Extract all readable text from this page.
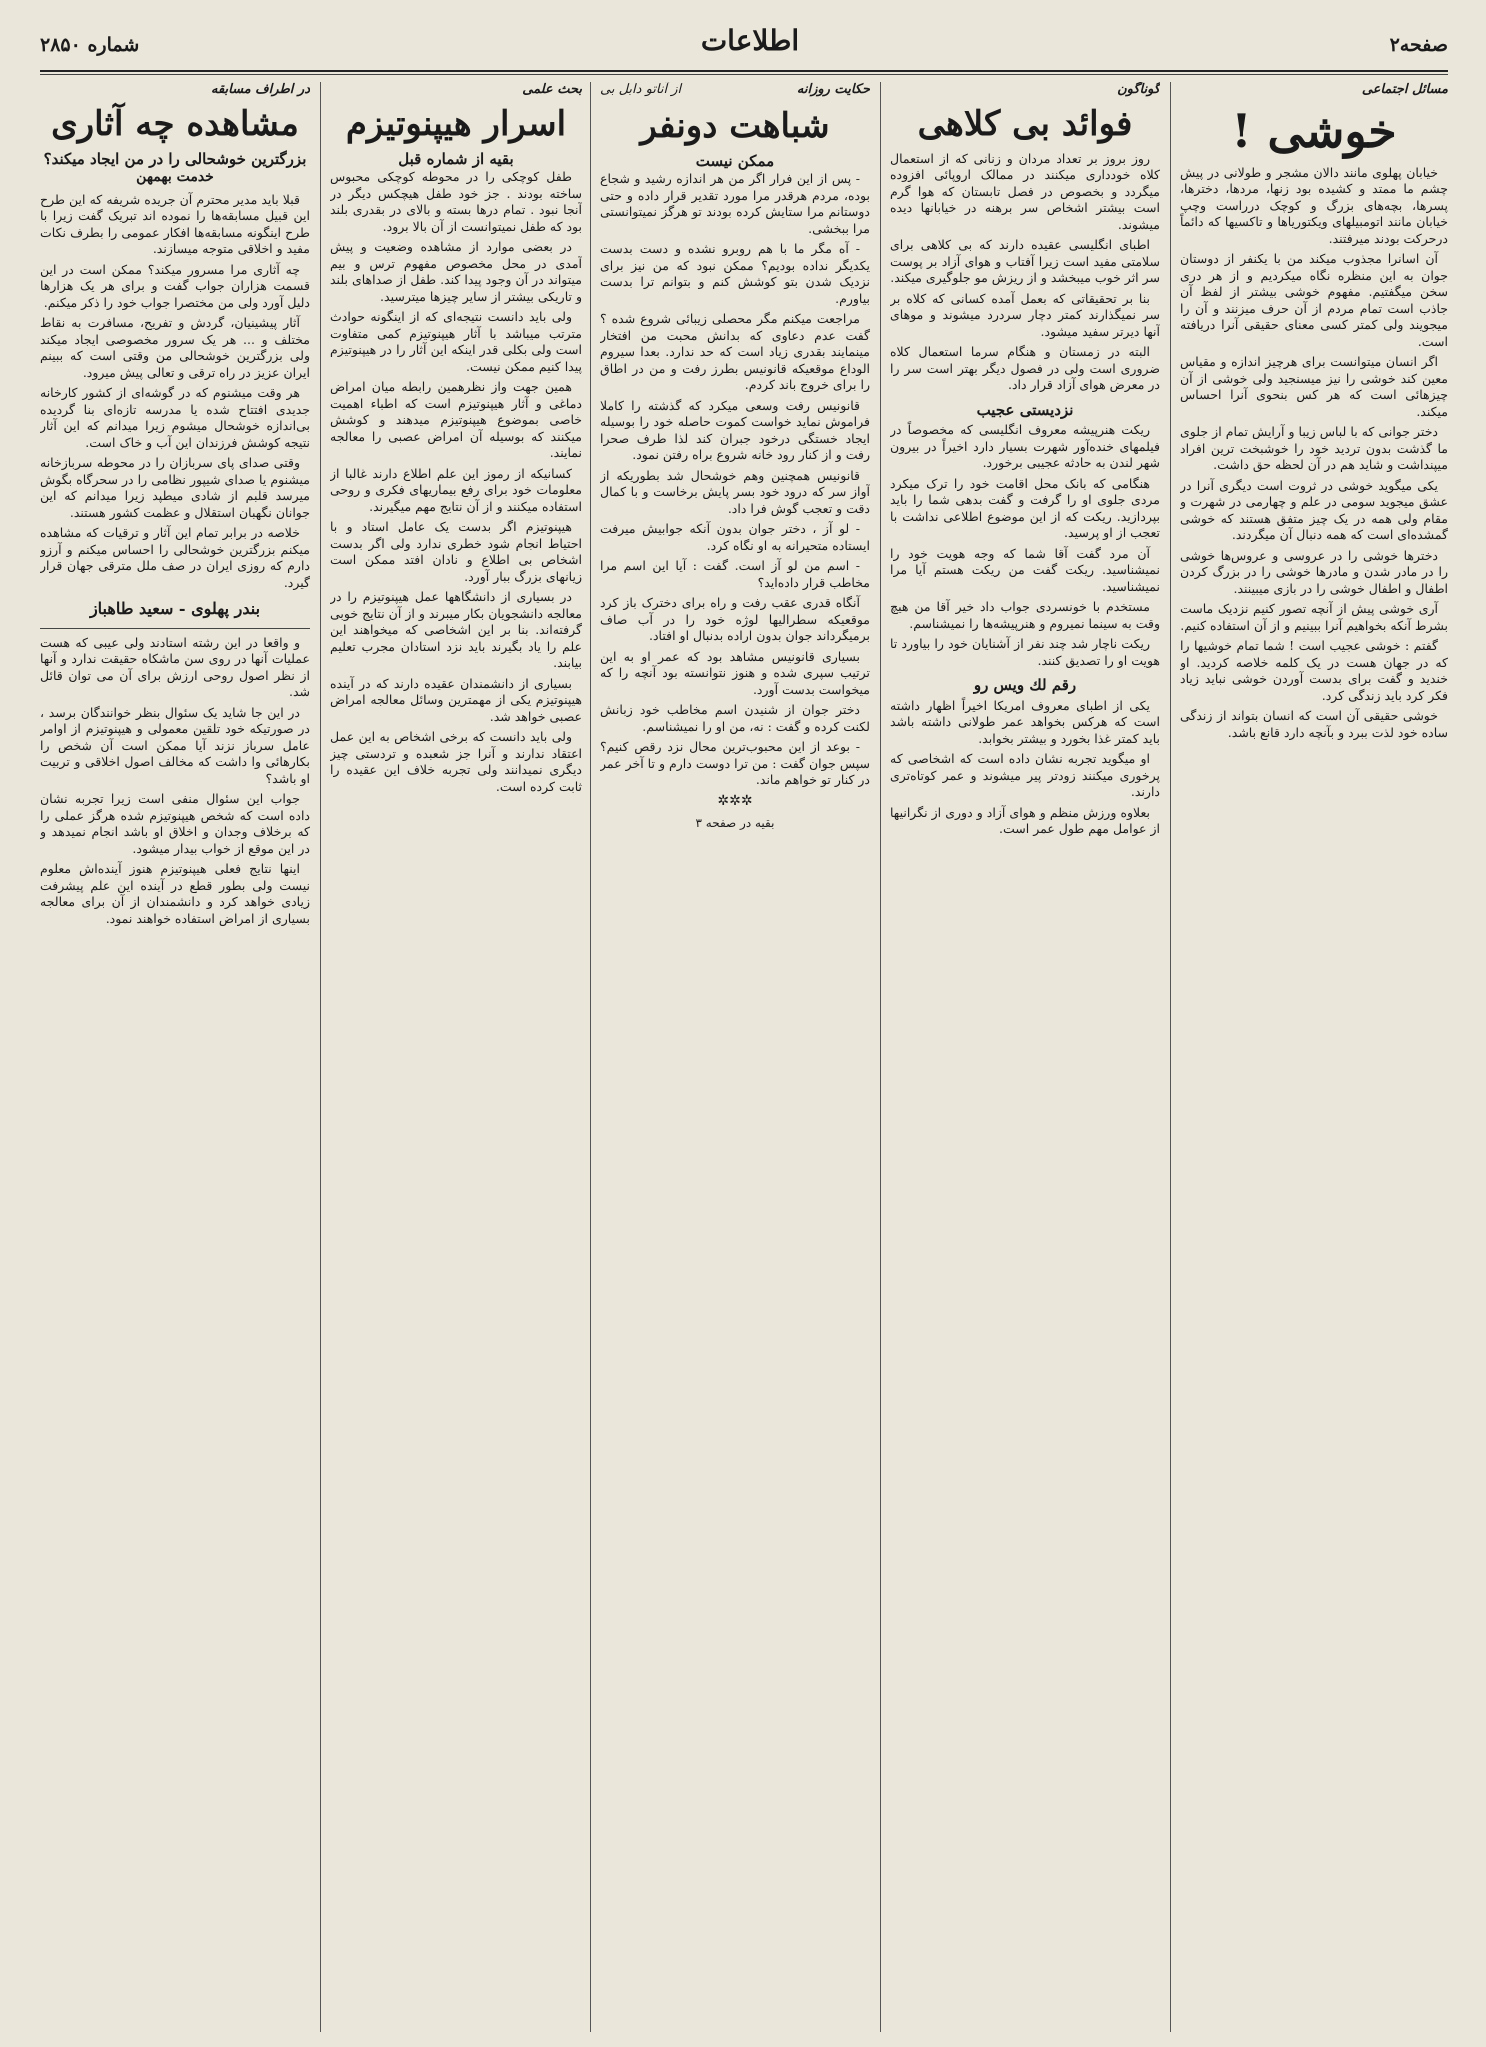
صفحه۲
اطلاعات
شماره ۲۸۵۰
مسائل اجتماعی
خوشی !

خیابان پهلوی مانند دالان مشجر و طولانی در پیش چشم ما ممتد و کشیده بود زنها، مردها، دخترها، پسرها، بچه‌های بزرگ و کوچک درراست وچپ خیابان مانند اتومبیلهای ویکتوریاها و تاکسیها که دائماً درحرکت بودند میرفتند.

آن اسانرا مجذوب میکند من با یکنفر از دوستان جوان به این منظره نگاه میکردیم و از هر دری سخن میگفتیم. مفهوم خوشی بیشتر از لفظ آن جاذب است تمام مردم از آن حرف میزنند و آن را میجویند ولی کمتر کسی معنای حقیقی آنرا دریافته است.

اگر انسان میتوانست برای هرچیز اندازه و مقیاس معین کند خوشی را نیز میسنجید ولی خوشی از آن چیزهائی است که هر کس بنحوی آنرا احساس میکند.

دختر جوانی که با لباس زیبا و آرایش تمام از جلوی ما گذشت بدون تردید خود را خوشبخت ترین افراد میپنداشت و شاید هم در آن لحظه حق داشت.

یکی میگوید خوشی در ثروت است دیگری آنرا در عشق میجوید سومی در علم و چهارمی در شهرت و مقام ولی همه در یک چیز متفق هستند که خوشی گمشده‌ای است که همه دنبال آن میگردند.

دخترها خوشی را در عروسی و عروس‌ها خوشی را در مادر شدن و مادرها خوشی را در بزرگ کردن اطفال و اطفال خوشی را در بازی میبینند.

آری خوشی پیش از آنچه تصور کنیم نزدیک ماست بشرط آنکه بخواهیم آنرا ببینیم و از آن استفاده کنیم.

گفتم : خوشی عجیب است ! شما تمام خوشیها را که در جهان هست در یک کلمه خلاصه کردید. او خندید و گفت برای بدست آوردن خوشی نباید زیاد فکر کرد باید زندگی کرد.

خوشی حقیقی آن است که انسان بتواند از زندگی ساده خود لذت ببرد و بآنچه دارد قانع باشد.

گوناگون
فوائد بی کلاهی

روز بروز بر تعداد مردان و زنانی که از استعمال کلاه خودداری میکنند در ممالک اروپائی افزوده میگردد و بخصوص در فصل تابستان که هوا گرم است بیشتر اشخاص سر برهنه در خیابانها دیده میشوند.

اطبای انگلیسی عقیده دارند که بی کلاهی برای سلامتی مفید است زیرا آفتاب و هوای آزاد بر پوست سر اثر خوب میبخشد و از ریزش مو جلوگیری میکند.

بنا بر تحقیقاتی که بعمل آمده کسانی که کلاه بر سر نمیگذارند کمتر دچار سردرد میشوند و موهای آنها دیرتر سفید میشود.

البته در زمستان و هنگام سرما استعمال کلاه ضروری است ولی در فصول دیگر بهتر است سر را در معرض هوای آزاد قرار داد.

نزدیستی عجیب

ریکت هنرپیشه معروف انگلیسی که مخصوصاً در فیلمهای خنده‌آور شهرت بسیار دارد اخیراً در بیرون شهر لندن به حادثه عجیبی برخورد.

هنگامی که بانک محل اقامت خود را ترک میکرد مردی جلوی او را گرفت و گفت بدهی شما را باید بپردازید. ریکت که از این موضوع اطلاعی نداشت با تعجب از او پرسید.

آن مرد گفت آقا شما که وجه هویت خود را نمیشناسید. ریکت گفت من ریکت هستم آیا مرا نمیشناسید.

مستخدم با خونسردی جواب داد خیر آقا من هیچ وقت به سینما نمیروم و هنرپیشه‌ها را نمیشناسم.

ریکت ناچار شد چند نفر از آشنایان خود را بیاورد تا هویت او را تصدیق کنند.

رقم لك ویس رو

یکی از اطبای معروف امریکا اخیراً اظهار داشته است که هرکس بخواهد عمر طولانی داشته باشد باید کمتر غذا بخورد و بیشتر بخوابد.

او میگوید تجربه نشان داده است که اشخاصی که پرخوری میکنند زودتر پیر میشوند و عمر کوتاه‌تری دارند.

بعلاوه ورزش منظم و هوای آزاد و دوری از نگرانیها از عوامل مهم طول عمر است.

حکایت روزانه
از آناتو دابل بی
شباهت دونفر
ممکن نیست

- پس از این فرار اگر من هر اندازه رشید و شجاع بوده، مردم هرقدر مرا مورد تقدیر قرار داده و حتی دوستانم مرا ستایش کرده بودند تو هرگز نمیتوانستی مرا ببخشی.

- آه مگر ما با هم روبرو نشده و دست بدست یکدیگر نداده بودیم؟ ممکن نبود که من نیز برای نزدیک شدن بتو کوشش کنم و بتوانم ترا بدست بیاورم.

مراجعت میکنم مگر محصلی زیبائی شروع شده ؟ گفت عدم دعاوی که بدانش محبت من افتخار مینمایند بقدری زیاد است که حد ندارد. بعدا سیروم الوداع موقعیکه قانونیس بطرز رفت و من در اطاق را برای خروج باند کردم.

قانونیس رفت وسعی میکرد که گذشته را کاملا فراموش نماید خواست کموت حاصله خود را بوسیله ایجاد خستگی درخود جبران کند لذا طرف صحرا رفت و از کنار رود خانه شروع براه رفتن نمود.

قانونیس همچنین وهم خوشحال شد بطوریکه از آواز سر که درود خود بسر پایش برخاست و با کمال دقت و تعجب گوش فرا داد.

- لو آز ، دختر جوان بدون آنکه جوابیش میرفت ایستاده متحیرانه به او نگاه کرد.

- اسم من لو آز است. گفت : آیا این اسم مرا مخاطب قرار داده‌اید؟

آنگاه قدری عقب رفت و راه برای دخترک باز کرد موقعیکه سطرالیها لوژه خود را در آب صاف برمیگرداند جوان بدون اراده بدنبال او افتاد.

بسیاری قانونیس مشاهد بود که عمر او به این ترتیب سپری شده و هنوز نتوانسته بود آنچه را که میخواست بدست آورد.

دختر جوان از شنیدن اسم مخاطب خود زبانش لکنت کرده و گفت : نه، من او را نمیشناسم.

- بوعد از این محبوب‌ترین محال نزد رقص کنیم؟ سپس جوان گفت : من ترا دوست دارم و تا آخر عمر در کنار تو خواهم ماند.

✲✲✲
بقیه در صفحه ۳
بحث علمی
اسرار هیپنوتیزم
بقیه از شماره قبل

طفل کوچکی را در محوطه کوچکی محبوس ساخته بودند . جز خود طفل هیچکس دیگر در آنجا نبود . تمام درها بسته و بالای در بقدری بلند بود که طفل نمیتوانست از آن بالا برود.

در بعضی موارد از مشاهده وضعیت و پیش آمدی در محل مخصوص مفهوم ترس و بیم میتواند در آن وجود پیدا کند. طفل از صداهای بلند و تاریکی بیشتر از سایر چیزها میترسید.

ولی باید دانست نتیجه‌ای که از اینگونه حوادث مترتب میباشد با آثار هیپنوتیزم کمی متفاوت است ولی بکلی قدر اینکه این آثار را در هیپنوتیزم پیدا کنیم ممکن نیست.

همین جهت واز نظرهمین رابطه میان امراض دماغی و آثار هیپنوتیزم است که اطباء اهمیت خاصی بموضوع هیپنوتیزم میدهند و کوشش میکنند که بوسیله آن امراض عصبی را معالجه نمایند.

کسانیکه از رموز این علم اطلاع دارند غالبا از معلومات خود برای رفع بیماریهای فکری و روحی استفاده میکنند و از آن نتایج مهم میگیرند.

هیپنوتیزم اگر بدست یک عامل استاد و با احتیاط انجام شود خطری ندارد ولی اگر بدست اشخاص بی اطلاع و نادان افتد ممکن است زیانهای بزرگ ببار آورد.

در بسیاری از دانشگاهها عمل هیپنوتیزم را در معالجه دانشجویان بکار میبرند و از آن نتایج خوبی گرفته‌اند. بنا بر این اشخاصی که میخواهند این علم را یاد بگیرند باید نزد استادان مجرب تعلیم بیابند.

بسیاری از دانشمندان عقیده دارند که در آینده هیپنوتیزم یکی از مهمترین وسائل معالجه امراض عصبی خواهد شد.

ولی باید دانست که برخی اشخاص به این عمل اعتقاد ندارند و آنرا جز شعبده و تردستی چیز دیگری نمیدانند ولی تجربه خلاف این عقیده را ثابت کرده است.

در اطراف مسابقه
مشاهده چه آثاری
بزرگترین خوشحالی را در من ایجاد میکند؟
خدمت بهمهن

قبلا باید مدیر محترم آن جریده شریفه که این طرح این قبیل مسابقه‌ها را نموده اند تبریک گفت زیرا با طرح اینگونه مسابقه‌ها افکار عمومی را بطرف نکات مفید و اخلاقی متوجه میسازند.

چه آثاری مرا مسرور میکند؟ ممکن است در این قسمت هزاران جواب گفت و برای هر یک هزارها دلیل آورد ولی من مختصرا جواب خود را ذکر میکنم.

آثار پیشینیان، گردش و تفریح، مسافرت به نقاط مختلف و ... هر یک سرور مخصوصی ایجاد میکند ولی بزرگترین خوشحالی من وقتی است که ببینم ایران عزیز در راه ترقی و تعالی پیش میرود.

هر وقت میشنوم که در گوشه‌ای از کشور کارخانه جدیدی افتتاح شده یا مدرسه تازه‌ای بنا گردیده بی‌اندازه خوشحال میشوم زیرا میدانم که این آثار نتیجه کوشش فرزندان این آب و خاک است.

وقتی صدای پای سربازان را در محوطه سربازخانه میشنوم یا صدای شیپور نظامی را در سحرگاه بگوش میرسد قلبم از شادی میطپد زیرا میدانم که این جوانان نگهبان استقلال و عظمت کشور هستند.

خلاصه در برابر تمام این آثار و ترقیات که مشاهده میکنم بزرگترین خوشحالی را احساس میکنم و آرزو دارم که روزی ایران در صف ملل مترقی جهان قرار گیرد.

بندر پهلوی - سعید طاهباز

و واقعا در این رشته استادند ولی عیبی که هست عملیات آنها در روی سن ماشکاه حقیقت ندارد و آنها از نظر اصول روحی ارزش برای آن می توان قائل شد.

در این جا شاید یک سئوال بنظر خوانندگان برسد ، در صورتیکه خود تلقین معمولی و هیپنوتیزم از اوامر عامل سرباز نزند آیا ممکن است آن شخص را بکارهائی وا داشت که مخالف اصول اخلاقی و تربیت او باشد؟

جواب این سئوال منفی است زیرا تجربه نشان داده است که شخص هیپنوتیزم شده هرگز عملی را که برخلاف وجدان و اخلاق او باشد انجام نمیدهد و در این موقع از خواب بیدار میشود.

اینها نتایج فعلی هیپنوتیزم هنوز آینده‌اش معلوم نیست ولی بطور قطع در آینده این علم پیشرفت زیادی خواهد کرد و دانشمندان از آن برای معالجه بسیاری از امراض استفاده خواهند نمود.
